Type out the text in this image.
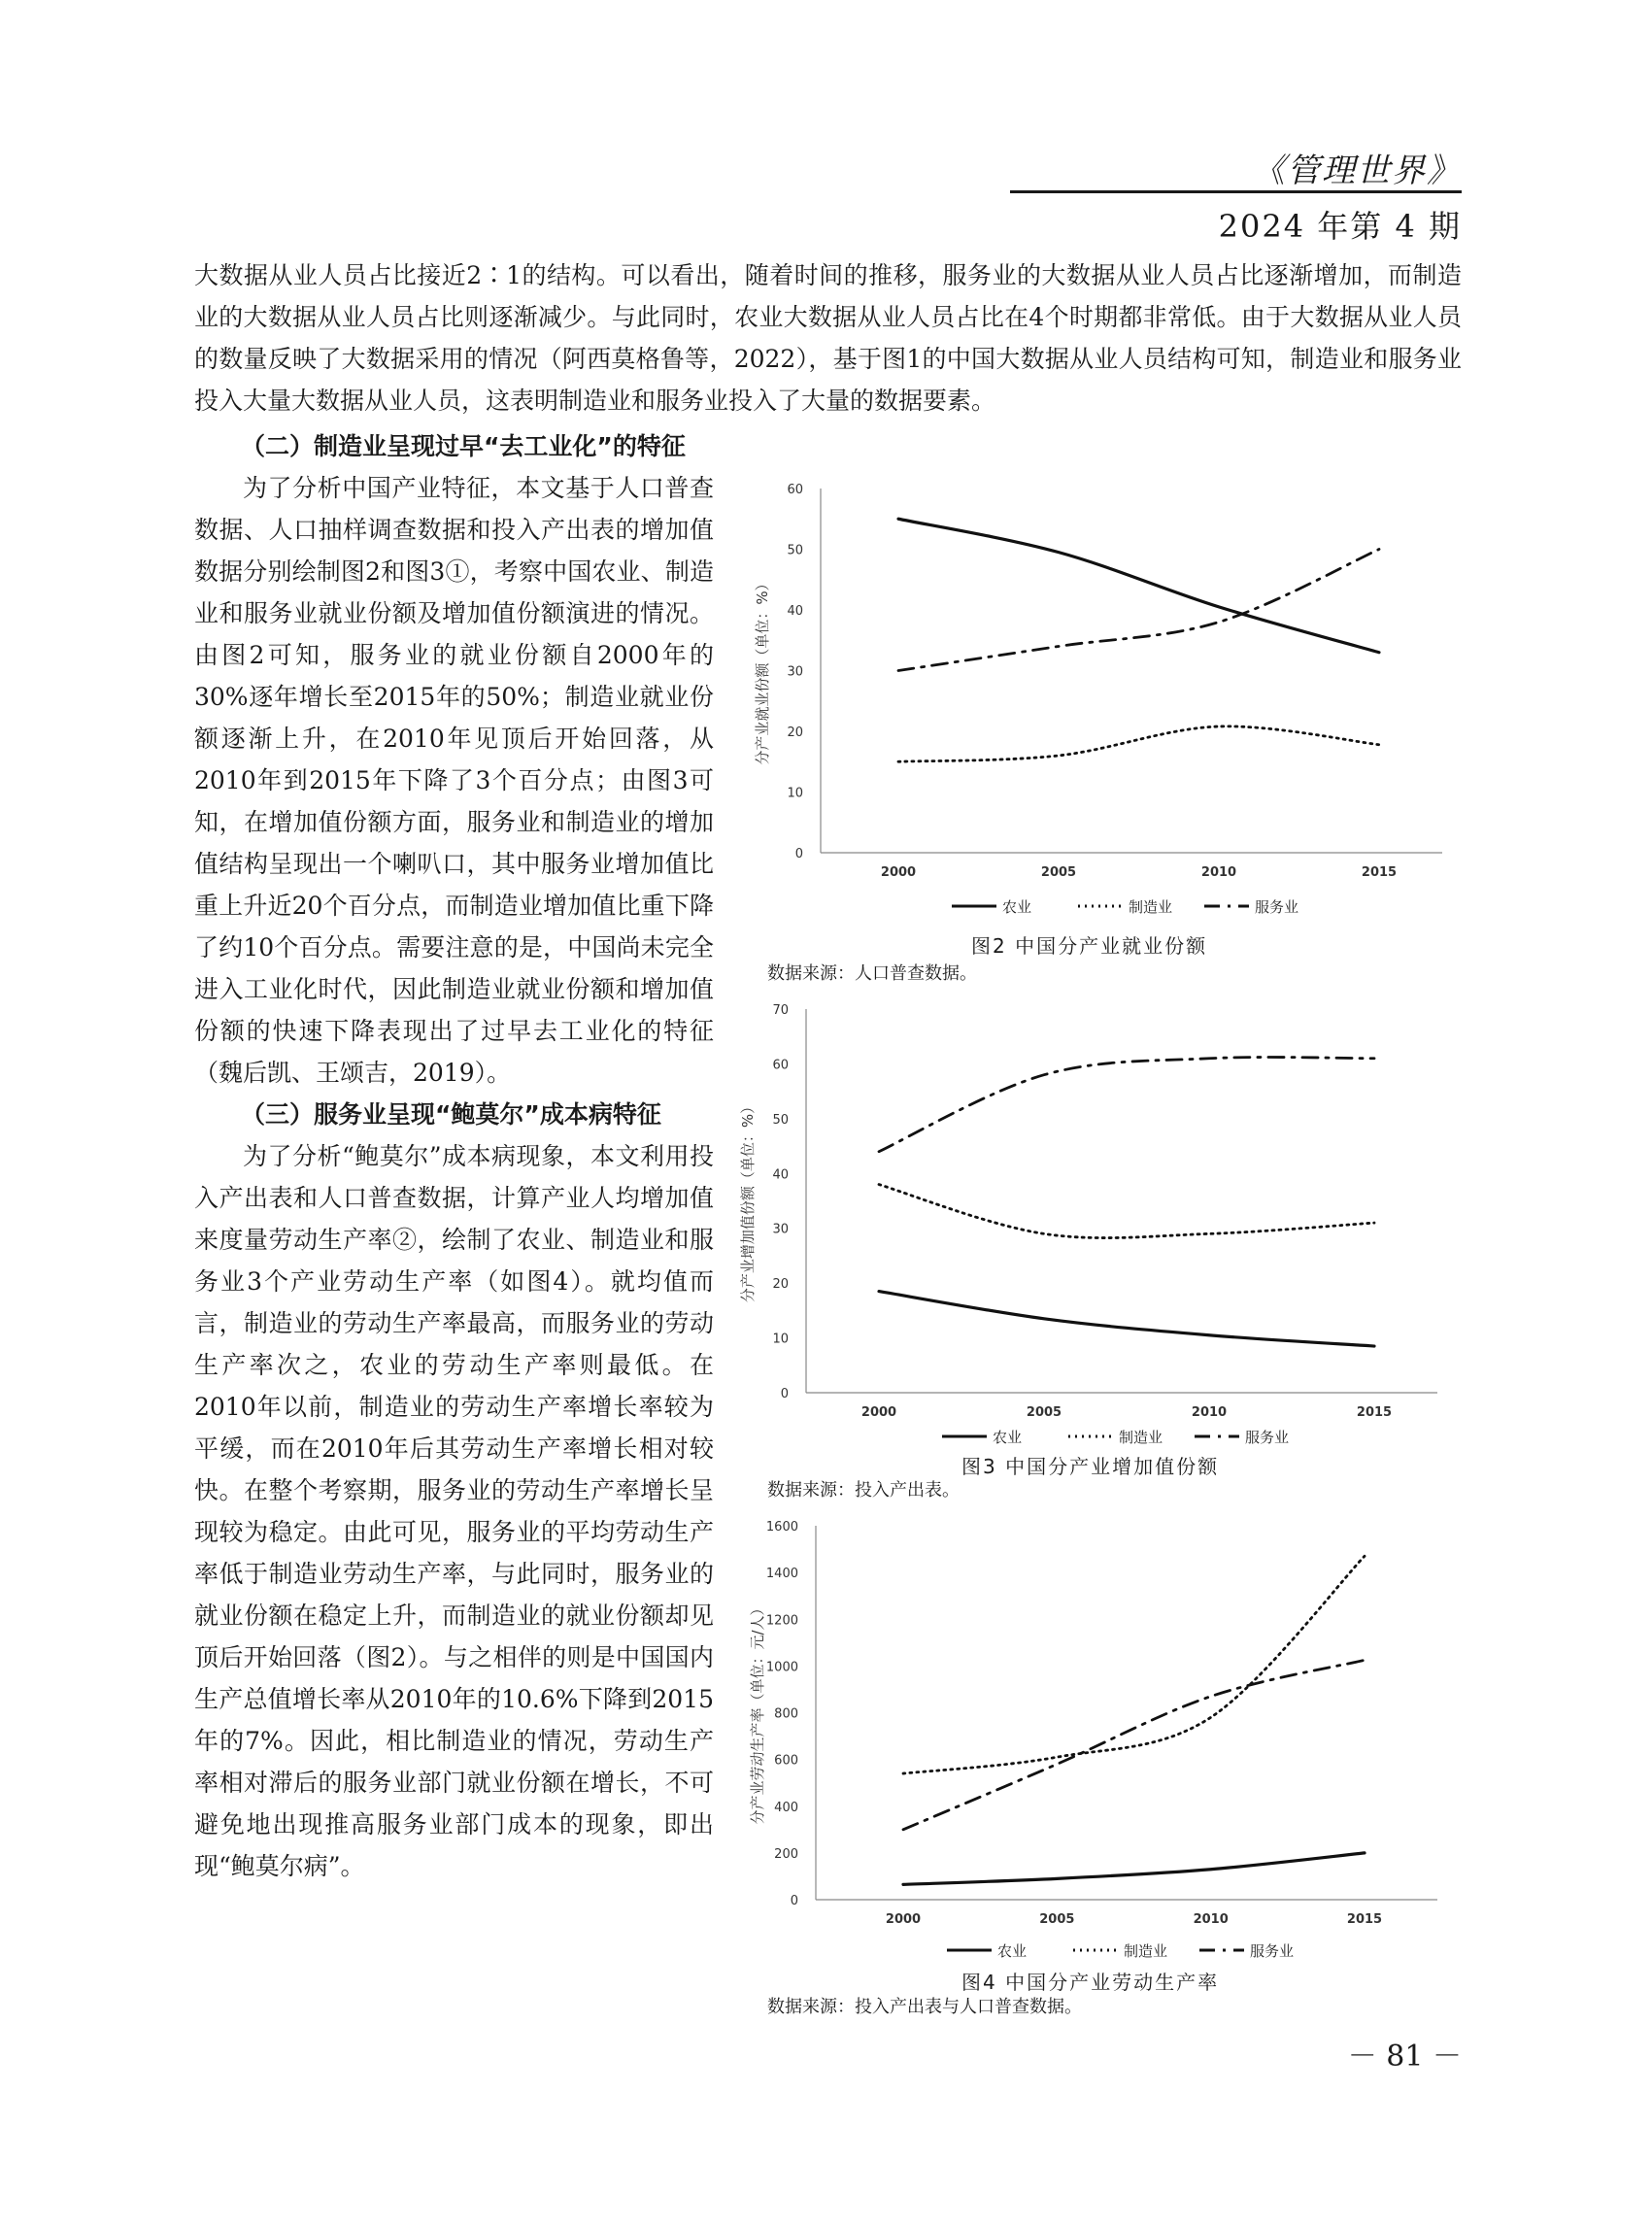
《管理世界》
2024 年第 4 期

大数据从业人员占比接近2∶1的结构。可以看出，随着时间的推移，服务业的大数据从业人员占比逐渐增加，而制造业的大数据从业人员占比则逐渐减少。与此同时，农业大数据从业人员占比在4个时期都非常低。由于大数据从业人员的数量反映了大数据采用的情况（阿西莫格鲁等，2022），基于图1的中国大数据从业人员结构可知，制造业和服务业投入大量大数据从业人员，这表明制造业和服务业投入了大量的数据要素。

（二）制造业呈现过早“去工业化”的特征

为了分析中国产业特征，本文基于人口普查数据、人口抽样调查数据和投入产出表的增加值数据分别绘制图2和图3①，考察中国农业、制造业和服务业就业份额及增加值份额演进的情况。由图2可知，服务业的就业份额自2000年的30%逐年增长至2015年的50%；制造业就业份额逐渐上升，在2010年见顶后开始回落，从2010年到2015年下降了3个百分点；由图3可知，在增加值份额方面，服务业和制造业的增加值结构呈现出一个喇叭口，其中服务业增加值比重上升近20个百分点，而制造业增加值比重下降了约10个百分点。需要注意的是，中国尚未完全进入工业化时代，因此制造业就业份额和增加值份额的快速下降表现出了过早去工业化的特征（魏后凯、王颂吉，2019）。

（三）服务业呈现“鲍莫尔”成本病特征

为了分析“鲍莫尔”成本病现象，本文利用投入产出表和人口普查数据，计算产业人均增加值来度量劳动生产率②，绘制了农业、制造业和服务业3个产业劳动生产率（如图4）。就均值而言，制造业的劳动生产率最高，而服务业的劳动生产率次之，农业的劳动生产率则最低。在2010年以前，制造业的劳动生产率增长率较为平缓，而在2010年后其劳动生产率增长相对较快。在整个考察期，服务业的劳动生产率增长呈现较为稳定。由此可见，服务业的平均劳动生产率低于制造业劳动生产率，与此同时，服务业的就业份额在稳定上升，而制造业的就业份额却见顶后开始回落（图2）。与之相伴的则是中国国内生产总值增长率从2010年的10.6%下降到2015年的7%。因此，相比制造业的情况，劳动生产率相对滞后的服务业部门就业份额在增长，不可避免地出现推高服务业部门成本的现象，即出现“鲍莫尔病”。

0
10
20
30
40
50
60
2000	2005	2010	2015
分产业就业份额（单位：%）
农业	制造业	服务业
图2 中国分产业就业份额
数据来源：人口普查数据。
0
10
20
30
40
50
60
70
2000	2005	2010	2015
分产业增加值份额（单位：%）
农业	制造业	服务业
图3 中国分产业增加值份额
数据来源：投入产出表。
0
200
400
600
800
1000
1200
1400
1600
2000	2005	2010	2015
分产业劳动生产率（单位：元/人）
农业	制造业	服务业
图4 中国分产业劳动生产率
数据来源：投入产出表与人口普查数据。
－ 81 －
